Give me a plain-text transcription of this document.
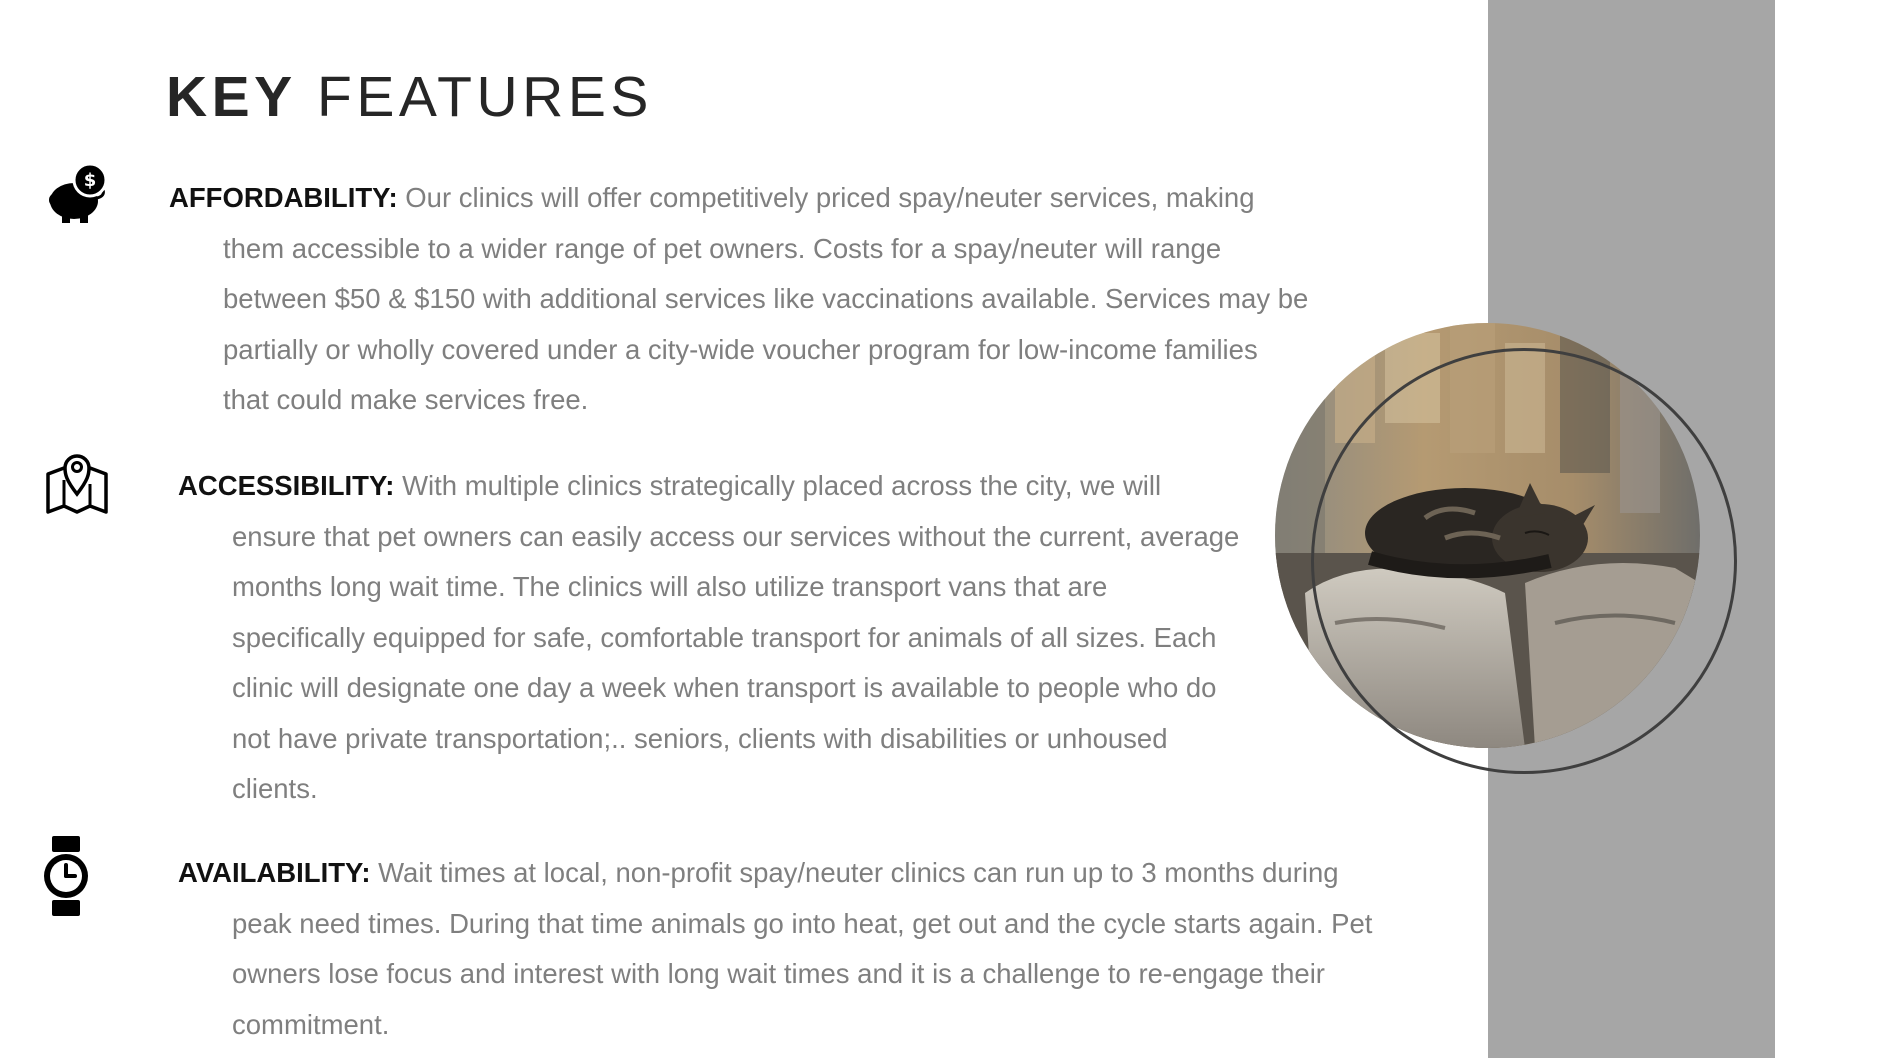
KEY FEATURES
$
AFFORDABILITY: Our clinics will offer competitively priced spay/neuter services, making
them accessible to a wider range of pet owners. Costs for a spay/neuter will range
between $50 & $150 with additional services like vaccinations available. Services may be
partially or wholly covered under a city-wide voucher program for low-income families
that could make services free.
ACCESSIBILITY: With multiple clinics strategically placed across the city, we will
ensure that pet owners can easily access our services without the current, average
months long wait time. The clinics will also utilize transport vans that are
specifically equipped for safe, comfortable transport for animals of all sizes. Each
clinic will designate one day a week when transport is available to people who do
not have private transportation;.. seniors, clients with disabilities or unhoused
clients.
AVAILABILITY: Wait times at local, non-profit spay/neuter clinics can run up to 3 months during
peak need times. During that time animals go into heat, get out and the cycle starts again. Pet
owners lose focus and interest with long wait times and it is a challenge to re-engage their
commitment.
